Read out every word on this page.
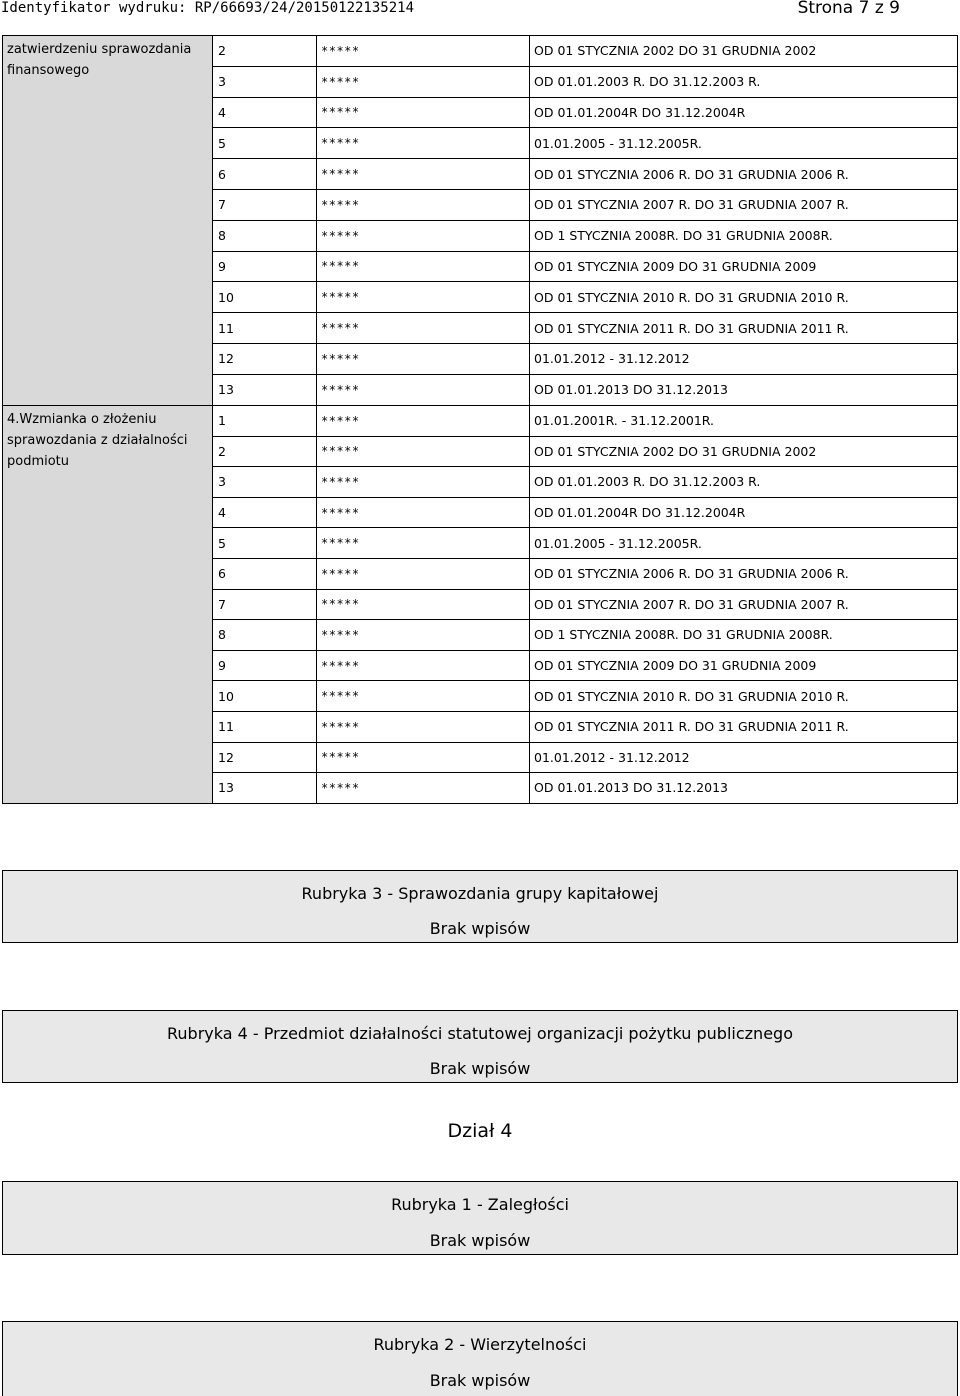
Identyfikator wydruku: RP/66693/24/20150122135214	Strona 7 z 9
zatwierdzeniu sprawozdania finansowego	2	*****	OD 01 STYCZNIA 2002 DO 31 GRUDNIA 2002
	3	*****	OD 01.01.2003 R. DO 31.12.2003 R.
	4	*****	OD 01.01.2004R DO 31.12.2004R
	5	*****	01.01.2005 - 31.12.2005R.
	6	*****	OD 01 STYCZNIA 2006 R. DO 31 GRUDNIA 2006 R.
	7	*****	OD 01 STYCZNIA 2007 R. DO 31 GRUDNIA 2007 R.
	8	*****	OD 1 STYCZNIA 2008R. DO 31 GRUDNIA 2008R.
	9	*****	OD 01 STYCZNIA 2009 DO 31 GRUDNIA 2009
	10	*****	OD 01 STYCZNIA 2010 R. DO 31 GRUDNIA 2010 R.
	11	*****	OD 01 STYCZNIA 2011 R. DO 31 GRUDNIA 2011 R.
	12	*****	01.01.2012 - 31.12.2012
	13	*****	OD 01.01.2013 DO 31.12.2013
4.Wzmianka o złożeniu sprawozdania z działalności podmiotu	1	*****	01.01.2001R. - 31.12.2001R.
	2	*****	OD 01 STYCZNIA 2002 DO 31 GRUDNIA 2002
	3	*****	OD 01.01.2003 R. DO 31.12.2003 R.
	4	*****	OD 01.01.2004R DO 31.12.2004R
	5	*****	01.01.2005 - 31.12.2005R.
	6	*****	OD 01 STYCZNIA 2006 R. DO 31 GRUDNIA 2006 R.
	7	*****	OD 01 STYCZNIA 2007 R. DO 31 GRUDNIA 2007 R.
	8	*****	OD 1 STYCZNIA 2008R. DO 31 GRUDNIA 2008R.
	9	*****	OD 01 STYCZNIA 2009 DO 31 GRUDNIA 2009
	10	*****	OD 01 STYCZNIA 2010 R. DO 31 GRUDNIA 2010 R.
	11	*****	OD 01 STYCZNIA 2011 R. DO 31 GRUDNIA 2011 R.
	12	*****	01.01.2012 - 31.12.2012
	13	*****	OD 01.01.2013 DO 31.12.2013
Rubryka 3 - Sprawozdania grupy kapitałowej
Brak wpisów
Rubryka 4 - Przedmiot działalności statutowej organizacji pożytku publicznego
Brak wpisów
Dział 4
Rubryka 1 - Zaległości
Brak wpisów
Rubryka 2 - Wierzytelności
Brak wpisów
